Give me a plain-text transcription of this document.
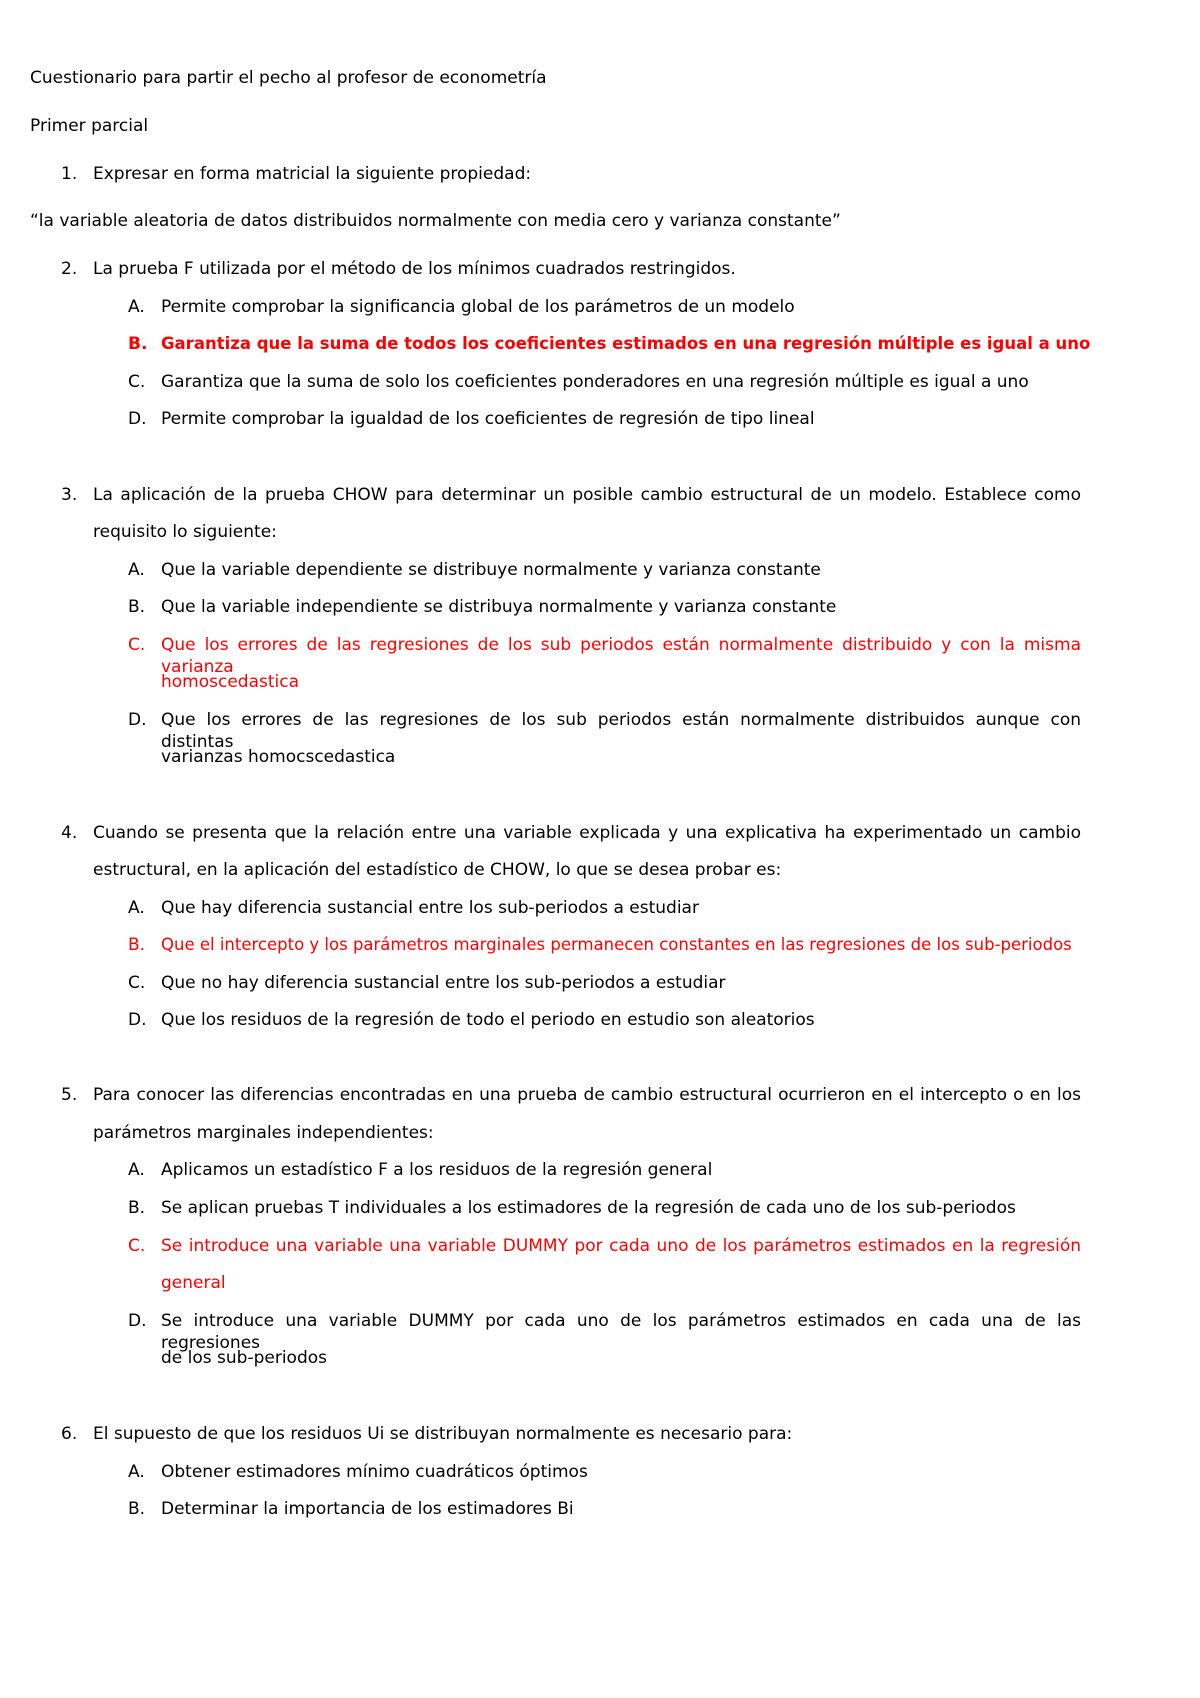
Cuestionario para partir el pecho al profesor de econometría
Primer parcial
1. Expresar en forma matricial la siguiente propiedad:
“la variable aleatoria de datos distribuidos normalmente con media cero y varianza constante”
2. La prueba F utilizada por el método de los mínimos cuadrados restringidos.
A. Permite comprobar la significancia global de los parámetros de un modelo
B. Garantiza que la suma de todos los coeficientes estimados en una regresión múltiple es igual a uno
C. Garantiza que la suma de solo los coeficientes ponderadores en una regresión múltiple es igual a uno
D. Permite comprobar la igualdad de los coeficientes de regresión de tipo lineal
3. La aplicación de la prueba CHOW para determinar un posible cambio estructural de un modelo. Establece como
requisito lo siguiente:
A. Que la variable dependiente se distribuye normalmente y varianza constante
B. Que la variable independiente se distribuya normalmente y varianza constante
C. Que los errores de las regresiones de los sub periodos están normalmente distribuido y con la misma varianza
homoscedastica
D. Que los errores de las regresiones de los sub periodos están normalmente distribuidos aunque con distintas
varianzas homocscedastica
4. Cuando se presenta que la relación entre una variable explicada y una explicativa ha experimentado un cambio
estructural, en la aplicación del estadístico de CHOW, lo que se desea probar es:
A. Que hay diferencia sustancial entre los sub-periodos a estudiar
B. Que el intercepto y los parámetros marginales permanecen constantes en las regresiones de los sub-periodos
C. Que no hay diferencia sustancial entre los sub-periodos a estudiar
D. Que los residuos de la regresión de todo el periodo en estudio son aleatorios
5. Para conocer las diferencias encontradas en una prueba de cambio estructural ocurrieron en el intercepto o en los
parámetros marginales independientes:
A. Aplicamos un estadístico F a los residuos de la regresión general
B. Se aplican pruebas T individuales a los estimadores de la regresión de cada uno de los sub-periodos
C. Se introduce una variable una variable DUMMY por cada uno de los parámetros estimados en la regresión
general
D. Se introduce una variable DUMMY por cada uno de los parámetros estimados en cada una de las regresiones
de los sub-periodos
6. El supuesto de que los residuos Ui se distribuyan normalmente es necesario para:
A. Obtener estimadores mínimo cuadráticos óptimos
B. Determinar la importancia de los estimadores Bi
